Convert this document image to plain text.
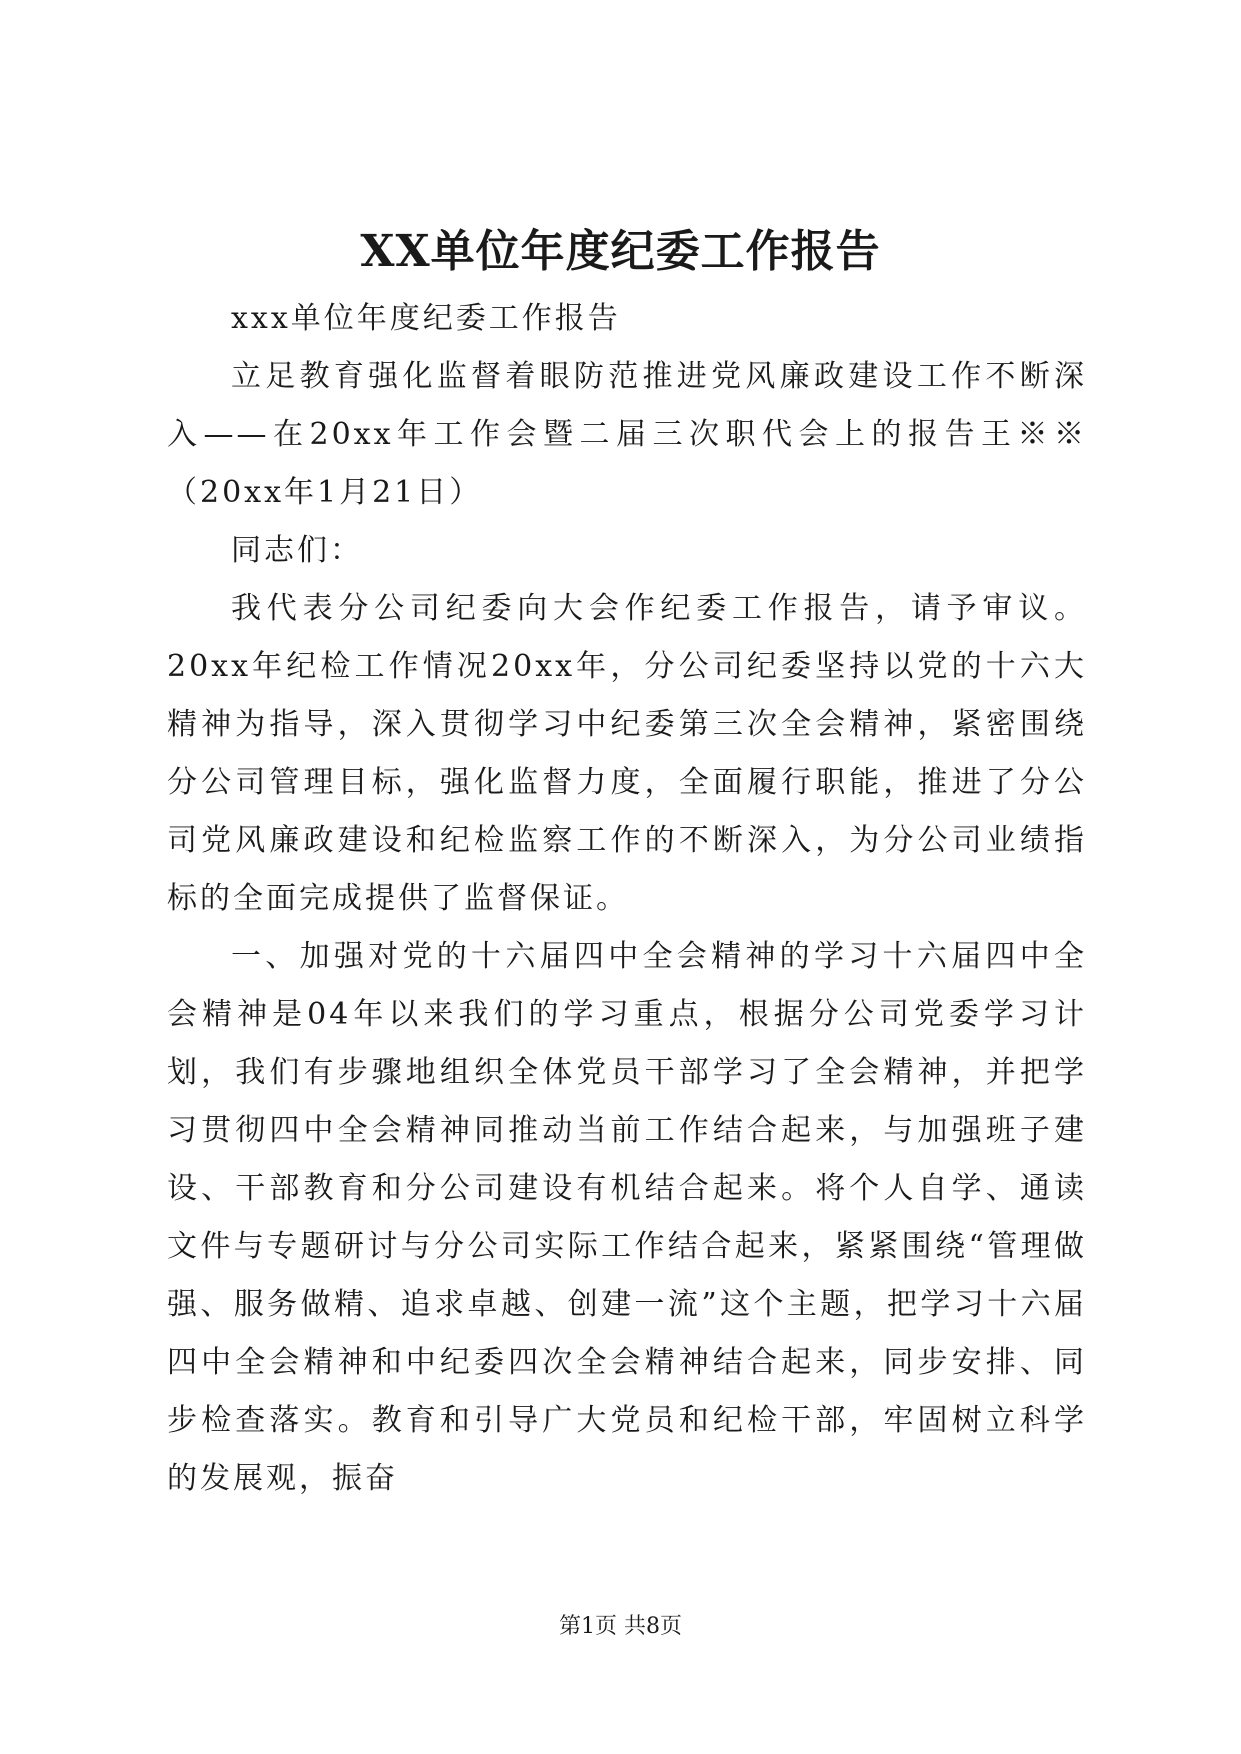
XX单位年度纪委工作报告

xxx单位年度纪委工作报告

立足教育强化监督着眼防范推进党风廉政建设工作不断深入——在20xx年工作会暨二届三次职代会上的报告王※※（20xx年1月21日）

同志们：

我代表分公司纪委向大会作纪委工作报告，请予审议。20xx年纪检工作情况20xx年，分公司纪委坚持以党的十六大精神为指导，深入贯彻学习中纪委第三次全会精神，紧密围绕分公司管理目标，强化监督力度，全面履行职能，推进了分公司党风廉政建设和纪检监察工作的不断深入，为分公司业绩指标的全面完成提供了监督保证。

一、加强对党的十六届四中全会精神的学习十六届四中全会精神是04年以来我们的学习重点，根据分公司党委学习计划，我们有步骤地组织全体党员干部学习了全会精神，并把学习贯彻四中全会精神同推动当前工作结合起来，与加强班子建设、干部教育和分公司建设有机结合起来。将个人自学、通读文件与专题研讨与分公司实际工作结合起来，紧紧围绕“管理做强、服务做精、追求卓越、创建一流”这个主题，把学习十六届四中全会精神和中纪委四次全会精神结合起来，同步安排、同步检查落实。教育和引导广大党员和纪检干部，牢固树立科学的发展观，振奋

第1页 共8页
